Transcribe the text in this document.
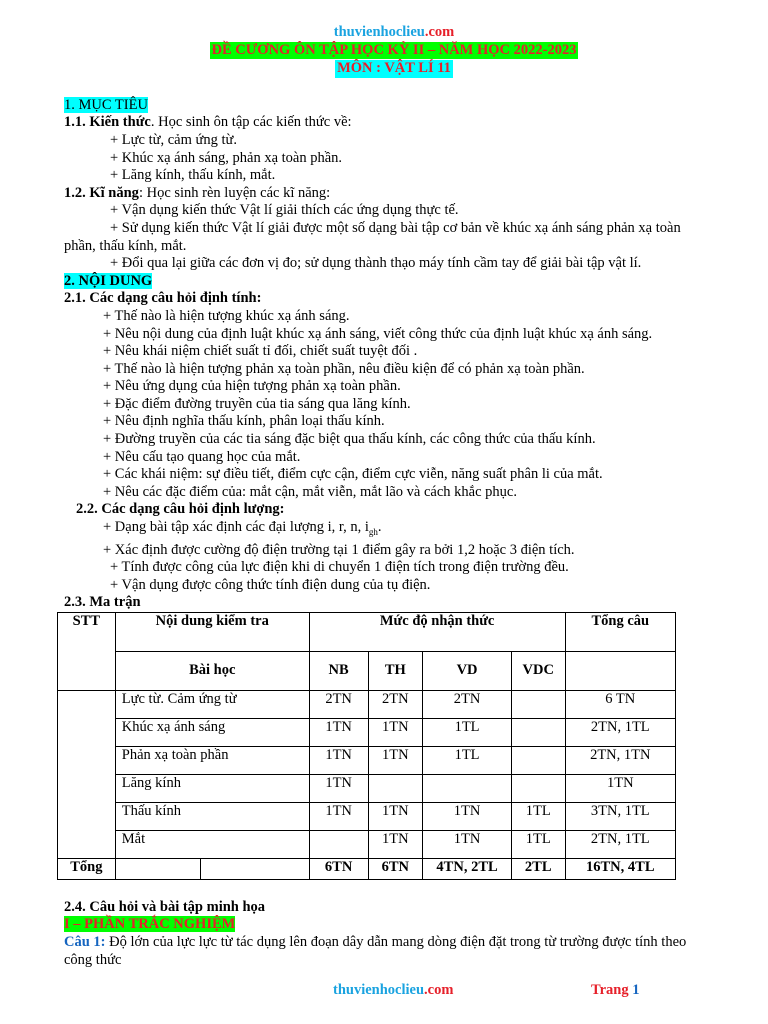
thuvienhoclieu.com
ĐỀ CƯƠNG ÔN TẬP HỌC KỲ II – NĂM HỌC 2022-2023
MÔN : VẬT LÍ 11
1. MỤC TIÊU
1.1. Kiến thức. Học sinh ôn tập các kiến thức về:
+ Lực từ, cảm ứng từ.
+ Khúc xạ ánh sáng, phản xạ toàn phần.
+ Lăng kính, thấu kính, mắt.
1.2. Kĩ năng: Học sinh rèn luyện các kĩ năng:
+ Vận dụng kiến thức Vật lí giải thích các ứng dụng thực tế.
+ Sử dụng kiến thức Vật lí giải được một số dạng bài tập cơ bản về khúc xạ ánh sáng phản xạ toàn
phần, thấu kính, mắt.
+ Đổi qua lại giữa các đơn vị đo; sử dụng thành thạo máy tính cầm tay để giải bài tập vật lí.
2. NỘI DUNG
2.1. Các dạng câu hỏi định tính:
+ Thế nào là hiện tượng khúc xạ ánh sáng.
+ Nêu nội dung của định luật khúc xạ ánh sáng, viết công thức của định luật khúc xạ ánh sáng.
+ Nêu khái niệm chiết suất tỉ đối, chiết suất tuyệt đối .
+ Thế nào là hiện tượng phản xạ toàn phần, nêu điều kiện để có phản xạ toàn phần.
+ Nêu ứng dụng của hiện tượng phản xạ toàn phần.
+ Đặc điểm đường truyền của tia sáng qua lăng kính.
+ Nêu định nghĩa thấu kính, phân loại thấu kính.
+ Đường truyền của các tia sáng đặc biệt qua thấu kính, các công thức của thấu kính.
+ Nêu cấu tạo quang học của mắt.
+ Các khái niệm: sự điều tiết, điểm cực cận, điểm cực viễn, năng suất phân li của mắt.
+ Nêu các đặc điểm của: mắt cận, mắt viễn, mắt lão và cách khắc phục.
2.2. Các dạng câu hỏi định lượng:
+ Dạng bài tập xác định các đại lượng i, r, n, $i_{gh}$.
+ Xác định được cường độ điện trường tại 1 điểm gây ra bởi 1,2 hoặc 3 điện tích.
+ Tính được công của lực điện khi di chuyển 1 điện tích trong điện trường đều.
+ Vận dụng được công thức tính điện dung của tụ điện.
2.3. Ma trận
STT	Nội dung kiểm tra		Mức độ nhận thức				Tổng câu
	Bài học		NB	TH	VD	VDC	
	Lực từ. Cảm ứng từ		2TN	2TN	2TN		6 TN
	Khúc xạ ánh sáng		1TN	1TN	1TL		2TN, 1TL
	Phản xạ toàn phần		1TN	1TN	1TL		2TN, 1TN
	Lăng kính		1TN				1TN
	Thấu kính		1TN	1TN	1TN	1TL	3TN, 1TL
	Mắt			1TN	1TN	1TL	2TN, 1TL
Tổng			6TN	6TN	4TN, 2TL	2TL	16TN, 4TL
2.4. Câu hỏi và bài tập minh họa
I – PHẦN TRẮC NGHIỆM
Câu 1: Độ lớn của lực lực từ tác dụng lên đoạn dây dẫn mang dòng điện đặt trong từ trường được tính theo
công thức
thuvienhoclieu.com	Trang 1
